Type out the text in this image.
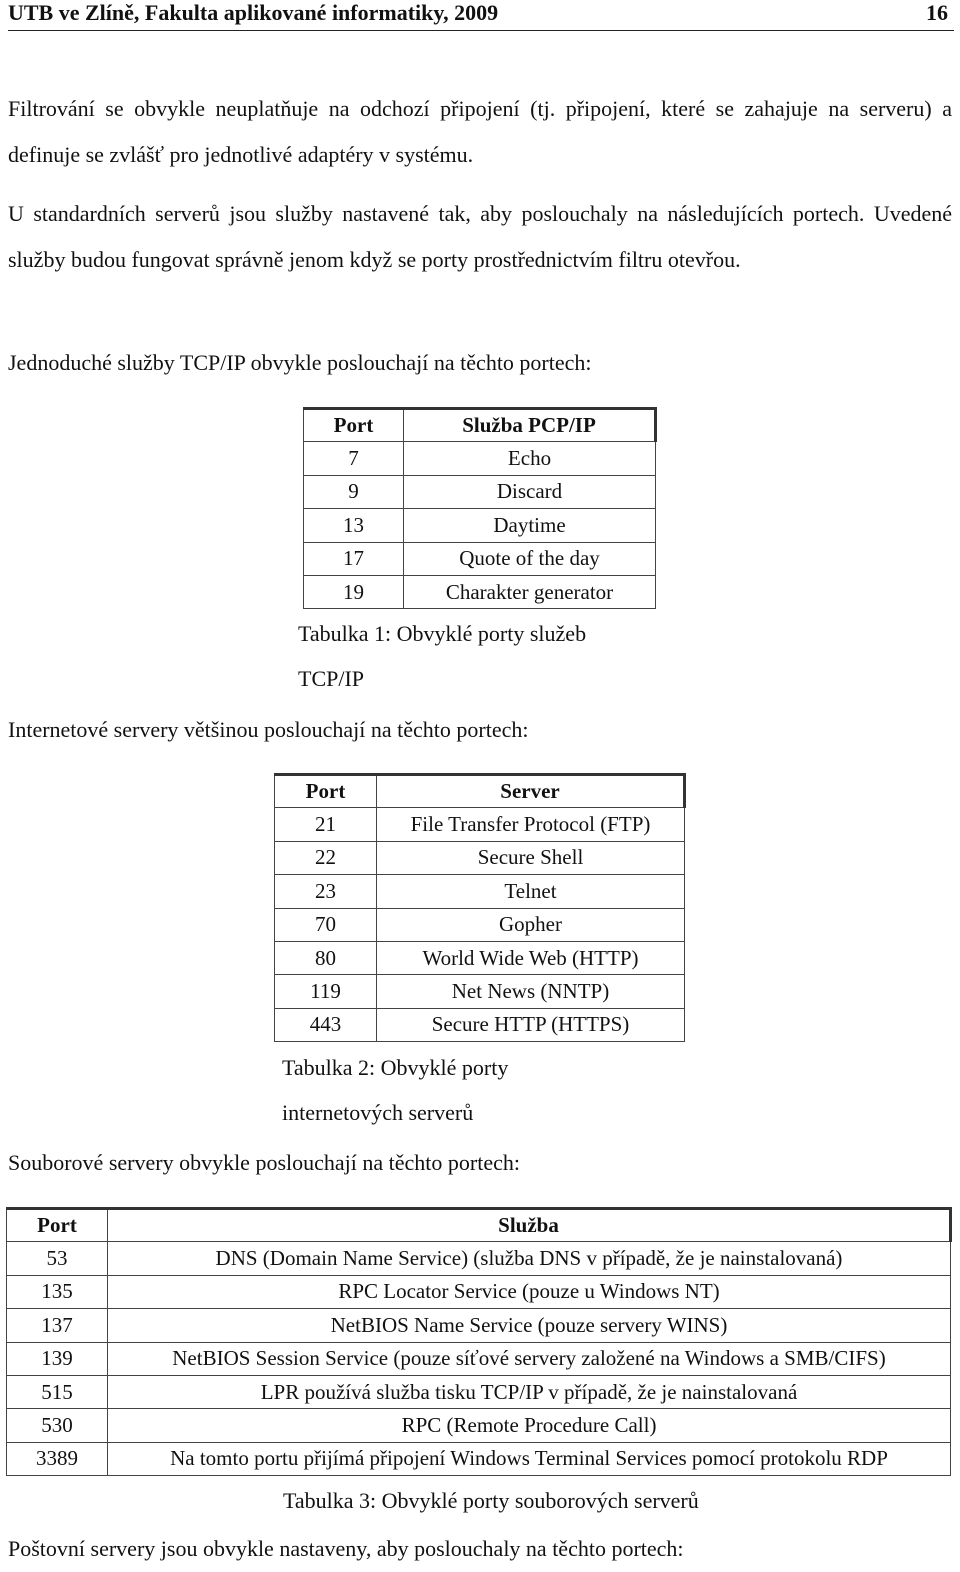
UTB ve Zlíně, Fakulta aplikované informatiky, 2009	16
Filtrování se obvykle neuplatňuje na odchozí připojení (tj. připojení, které se zahajuje na serveru) a definuje se zvlášť pro jednotlivé adaptéry v systému.
U standardních serverů jsou služby nastavené tak, aby poslouchaly na následujících portech. Uvedené služby budou fungovat správně jenom když se porty prostřednictvím filtru otevřou.
Jednoduché služby TCP/IP obvykle poslouchají na těchto portech:
Port	Služba PCP/IP
7	Echo
9	Discard
13	Daytime
17	Quote of the day
19	Charakter generator
Tabulka 1: Obvyklé porty služeb
TCP/IP
Internetové servery většinou poslouchají na těchto portech:
Port	Server
21	File Transfer Protocol (FTP)
22	Secure Shell
23	Telnet
70	Gopher
80	World Wide Web (HTTP)
119	Net News (NNTP)
443	Secure HTTP (HTTPS)
Tabulka 2: Obvyklé porty
internetových serverů
Souborové servery obvykle poslouchají na těchto portech:
Port	Služba
53	DNS (Domain Name Service) (služba DNS v případě, že je nainstalovaná)
135	RPC Locator Service (pouze u Windows NT)
137	NetBIOS Name Service (pouze servery WINS)
139	NetBIOS Session Service (pouze síťové servery založené na Windows a SMB/CIFS)
515	LPR používá služba tisku TCP/IP v případě, že je nainstalovaná
530	RPC (Remote Procedure Call)
3389	Na tomto portu přijímá připojení Windows Terminal Services pomocí protokolu RDP
Tabulka 3: Obvyklé porty souborových serverů
Poštovní servery jsou obvykle nastaveny, aby poslouchaly na těchto portech:
